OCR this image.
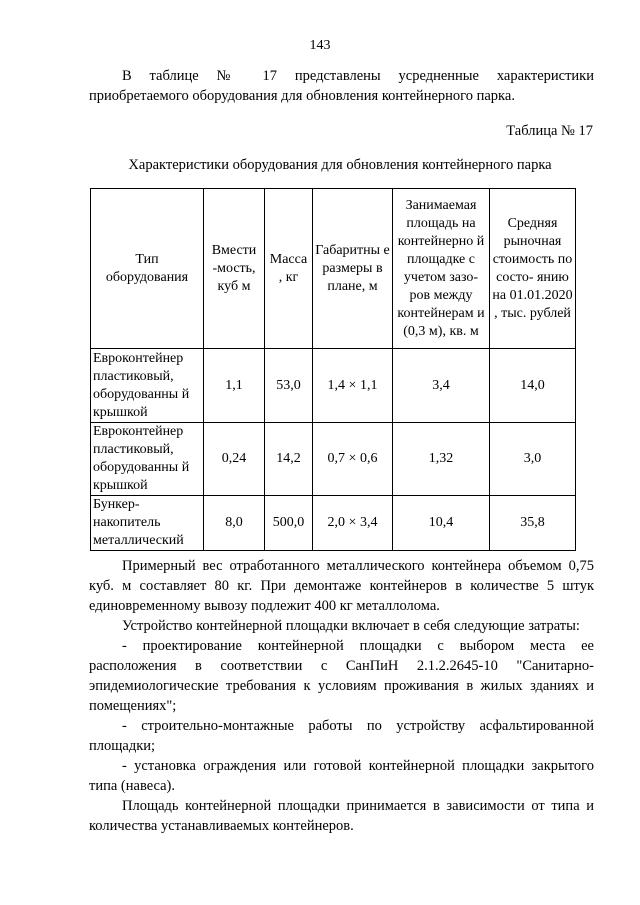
143
В таблице № 17 представлены усредненные характеристики
приобретаемого оборудования для обновления контейнерного парка.
Таблица № 17
Характеристики оборудования для обновления контейнерного парка
Тип оборудования	Вмести -мость, куб м	Масса , кг	Габаритны е размеры в плане, м	Занимаемая площадь на контейнерно й площадке с учетом зазо- ров между контейнерам и (0,3 м), кв. м	Средняя рыночная стоимость по состо- янию на 01.01.2020 , тыс. рублей
Евроконтейнер пластиковый, оборудованны й крышкой	1,1	53,0	1,4 × 1,1	3,4	14,0
Евроконтейнер пластиковый, оборудованны й крышкой	0,24	14,2	0,7 × 0,6	1,32	3,0
Бункер- накопитель металлический	8,0	500,0	2,0 × 3,4	10,4	35,8

Примерный вес отработанного металлического контейнера объемом 0,75 куб. м составляет 80 кг. При демонтаже контейнеров в количестве 5 штук единовременному вывозу подлежит 400 кг металлолома.

Устройство контейнерной площадки включает в себя следующие затраты:

- проектирование контейнерной площадки с выбором места ее расположения в соответствии с СанПиН 2.1.2.2645-10 "Санитарно-эпидемиологические требования к условиям проживания в жилых зданиях и помещениях";

- строительно-монтажные работы по устройству асфальтированной площадки;

- установка ограждения или готовой контейнерной площадки закрытого типа (навеса).

Площадь контейнерной площадки принимается в зависимости от типа и количества устанавливаемых контейнеров.
